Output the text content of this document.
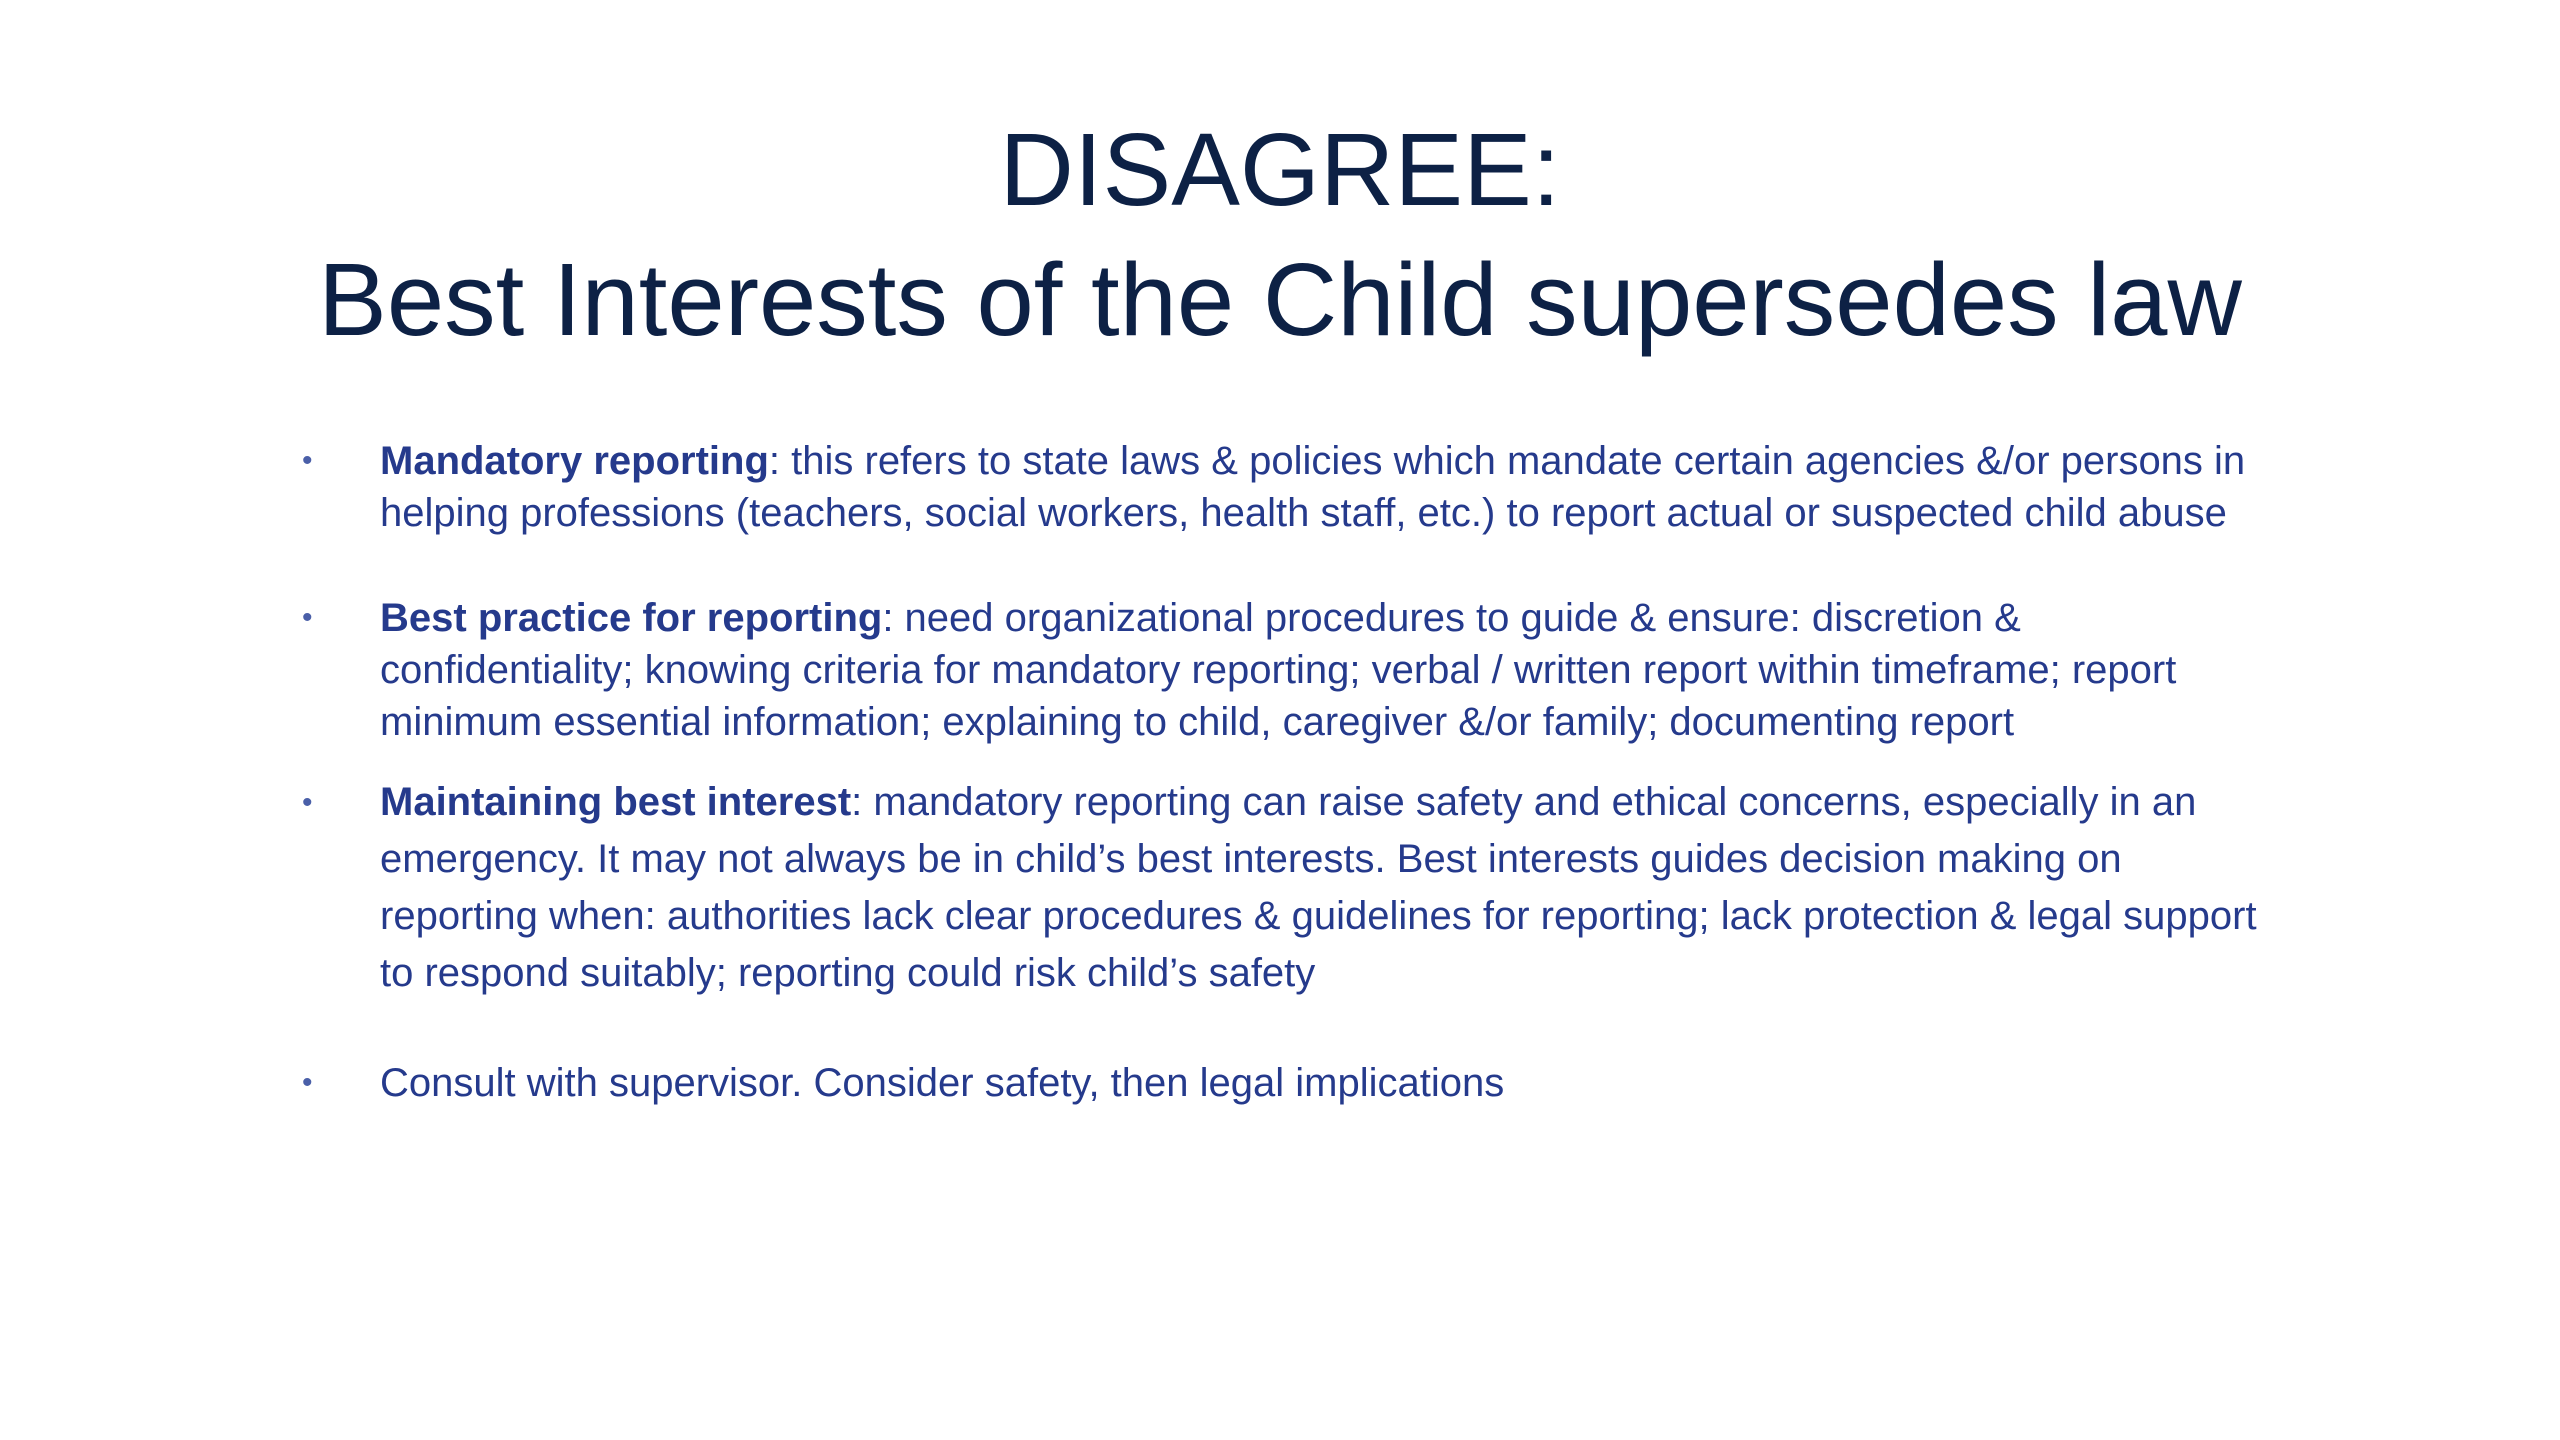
DISAGREE:
Best Interests of the Child supersedes law
• Mandatory reporting: this refers to state laws & policies which mandate certain agencies &/or persons in helping professions (teachers, social workers, health staff, etc.) to report actual or suspected child abuse
• Best practice for reporting: need organizational procedures to guide & ensure: discretion & confidentiality; knowing criteria for mandatory reporting; verbal / written report within timeframe; report minimum essential information; explaining to child, caregiver &/or family; documenting report
• Maintaining best interest: mandatory reporting can raise safety and ethical concerns, especially in an emergency. It may not always be in child’s best interests. Best interests guides decision making on reporting when: authorities lack clear procedures & guidelines for reporting; lack protection & legal support to respond suitably; reporting could risk child’s safety
• Consult with supervisor. Consider safety, then legal implications
